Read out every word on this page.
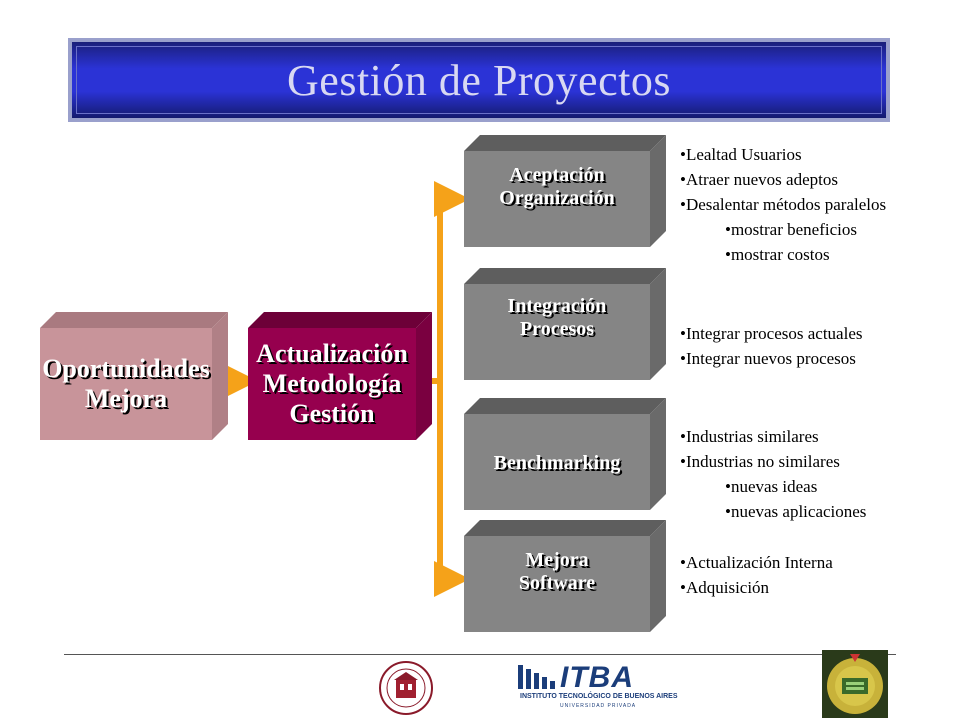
Gestión de Proyectos
Oportunidades
Mejora
Actualización
Metodología
Gestión
Aceptación
Organización
Integración
Procesos
Benchmarking
Mejora
Software
•Lealtad Usuarios
•Atraer nuevos adeptos
•Desalentar métodos paralelos
•mostrar beneficios
•mostrar costos
•Integrar procesos actuales
•Integrar nuevos procesos
•Industrias similares
•Industrias no similares
•nuevas ideas
•nuevas aplicaciones
•Actualización Interna
•Adquisición
ITBA
INSTITUTO TECNOLÓGICO DE BUENOS AIRES
UNIVERSIDAD PRIVADA
